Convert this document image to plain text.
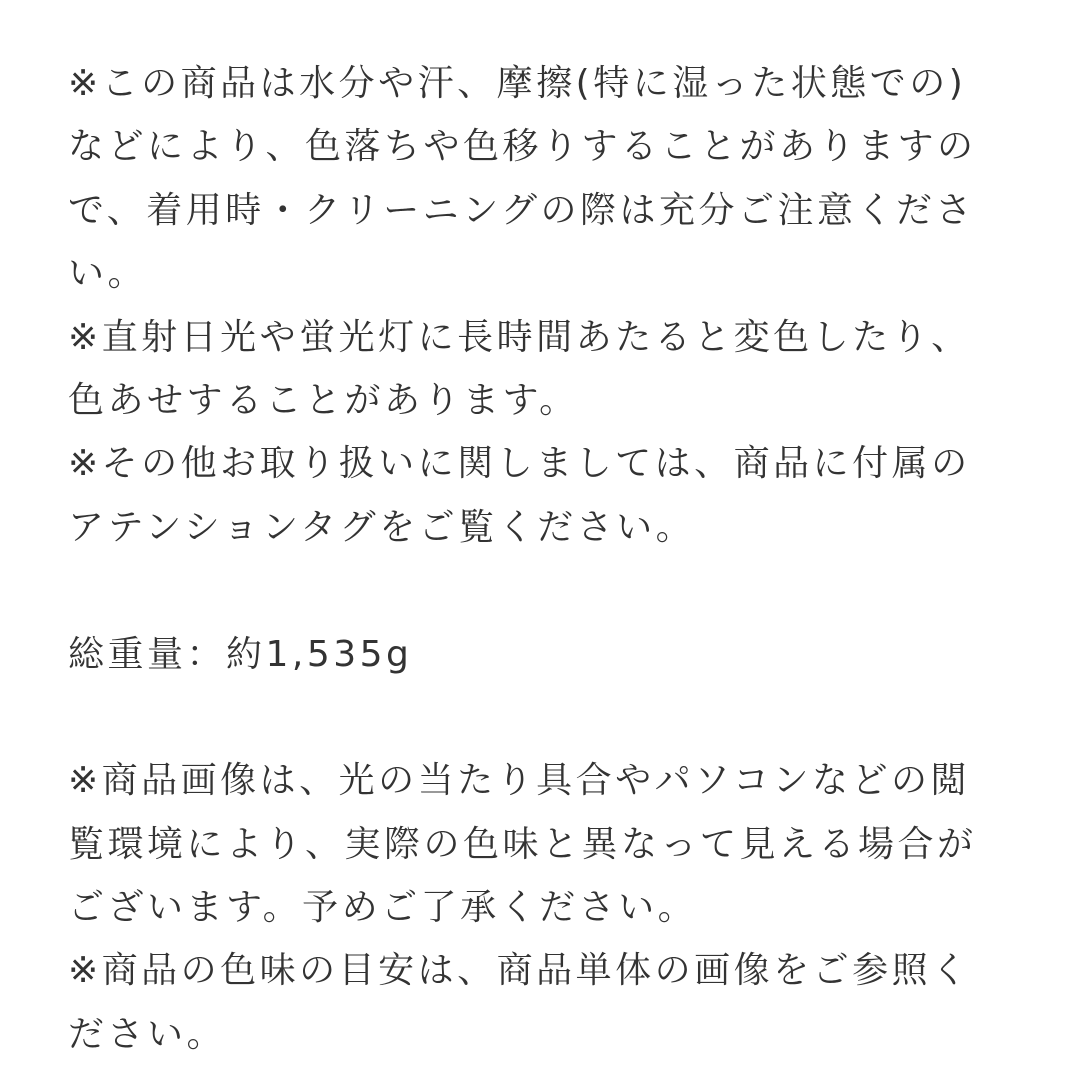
※この商品は水分や汗、摩擦(特に湿った状態での)
などにより、色落ちや色移りすることがありますの
で、着用時・クリーニングの際は充分ご注意くださ
い。
※直射日光や蛍光灯に長時間あたると変色したり、
色あせすることがあります。
※その他お取り扱いに関しましては、商品に付属の
アテンションタグをご覧ください。
総重量：約1,535g
※商品画像は、光の当たり具合やパソコンなどの閲
覧環境により、実際の色味と異なって見える場合が
ございます。予めご了承ください。
※商品の色味の目安は、商品単体の画像をご参照く
ださい。
